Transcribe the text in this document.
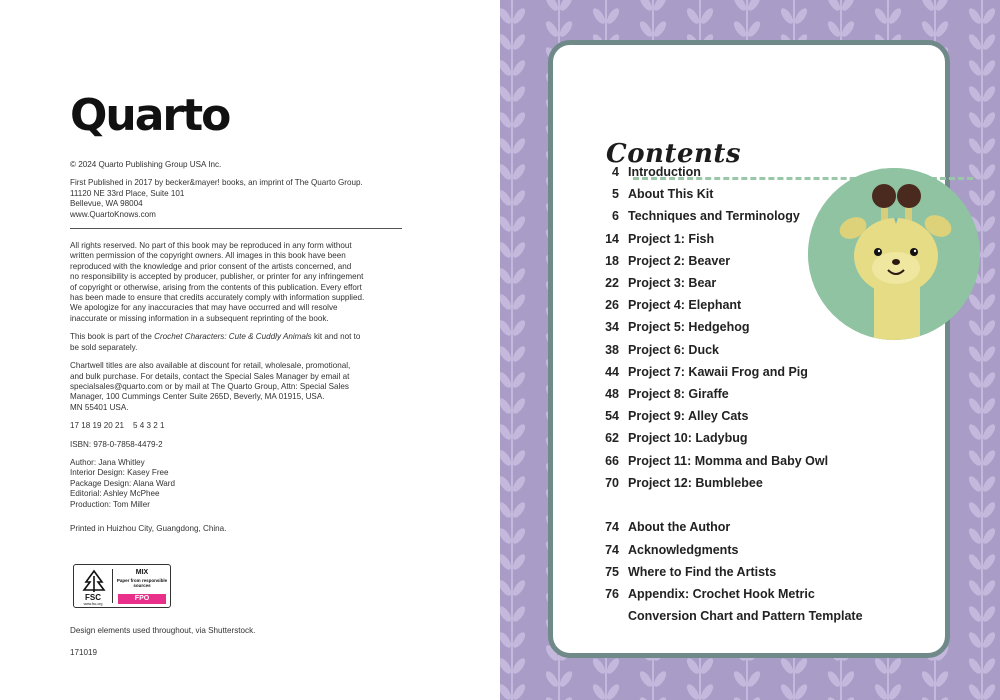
Quarto

© 2024 Quarto Publishing Group USA Inc.

First Published in 2017 by becker&mayer! books, an imprint of The Quarto Group.
11120 NE 33rd Place, Suite 101
Bellevue, WA 98004
www.QuartoKnows.com

All rights reserved. No part of this book may be reproduced in any form without
written permission of the copyright owners. All images in this book have been
reproduced with the knowledge and prior consent of the artists concerned, and
no responsibility is accepted by producer, publisher, or printer for any infringement
of copyright or otherwise, arising from the contents of this publication. Every effort
has been made to ensure that credits accurately comply with information supplied.
We apologize for any inaccuracies that may have occurred and will resolve
inaccurate or missing information in a subsequent reprinting of the book.

This book is part of the Crochet Characters: Cute & Cuddly Animals kit and not to
be sold separately.

Chartwell titles are also available at discount for retail, wholesale, promotional,
and bulk purchase. For details, contact the Special Sales Manager by email at
specialsales@quarto.com or by mail at The Quarto Group, Attn: Special Sales
Manager, 100 Cummings Center Suite 265D, Beverly, MA 01915, USA.
MN 55401 USA.

17 18 19 20 21    5 4 3 2 1

ISBN: 978-0-7858-4479-2

Author: Jana Whitley
Interior Design: Kasey Free
Package Design: Alana Ward
Editorial: Ashley McPhee
Production: Tom Miller

Printed in Huizhou City, Guangdong, China.

FSC
www.fsc.org
MIX
Paper from responsible sources
FPO
Design elements used throughout, via Shutterstock.
171019
Contents
4 Introduction
5 About This Kit
6 Techniques and Terminology
14 Project 1: Fish
18 Project 2: Beaver
22 Project 3: Bear
26 Project 4: Elephant
34 Project 5: Hedgehog
38 Project 6: Duck
44 Project 7: Kawaii Frog and Pig
48 Project 8: Giraffe
54 Project 9: Alley Cats
62 Project 10: Ladybug
66 Project 11: Momma and Baby Owl
70 Project 12: Bumblebee
74 About the Author
74 Acknowledgments
75 Where to Find the Artists
76 Appendix: Crochet Hook Metric
Conversion Chart and Pattern Template
